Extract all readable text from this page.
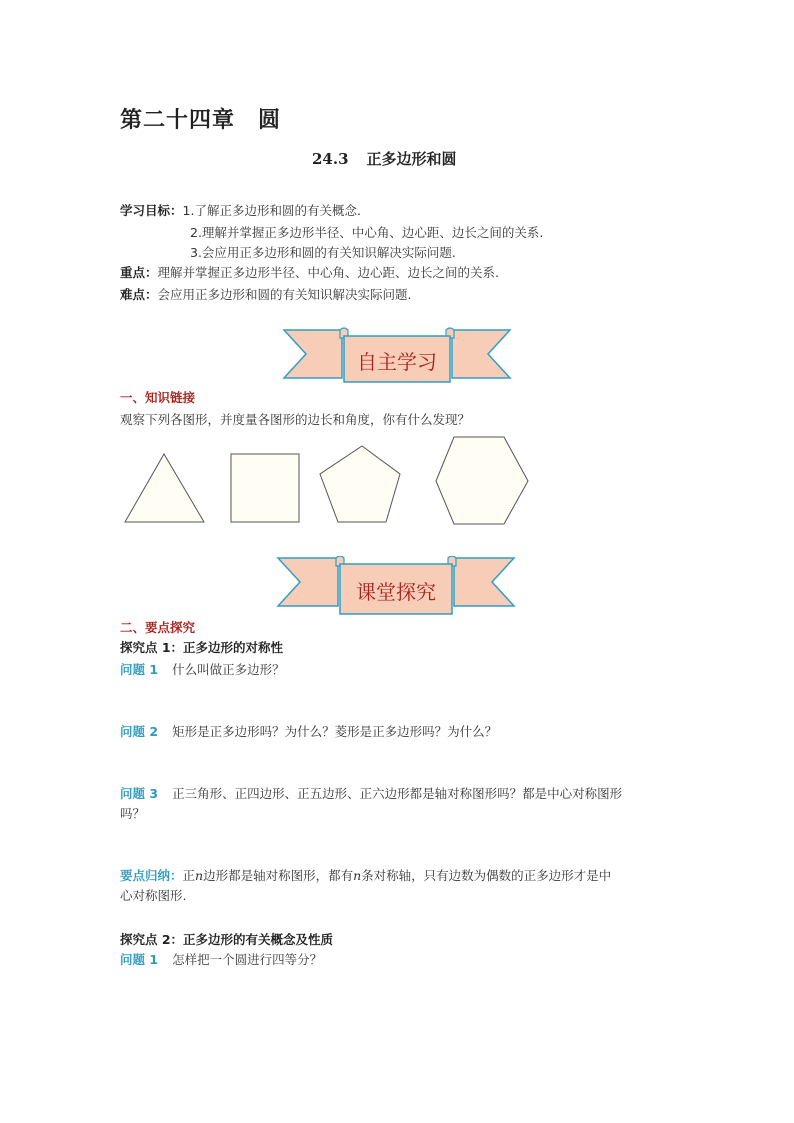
第二十四章　圆
24.3 正多边形和圆
学习目标：1.了解正多边形和圆的有关概念.
2.理解并掌握正多边形半径、中心角、边心距、边长之间的关系.
3.会应用正多边形和圆的有关知识解决实际问题.
重点：理解并掌握正多边形半径、中心角、边心距、边长之间的关系.
难点：会应用正多边形和圆的有关知识解决实际问题.
自主学习
一、知识链接
观察下列各图形，并度量各图形的边长和角度，你有什么发现？
课堂探究
二、要点探究
探究点 1：正多边形的对称性
问题 1 什么叫做正多边形？
问题 2 矩形是正多边形吗？为什么？菱形是正多边形吗？为什么？
问题 3 正三角形、正四边形、正五边形、正六边形都是轴对称图形吗？都是中心对称图形
吗？
要点归纳：正n边形都是轴对称图形，都有n条对称轴，只有边数为偶数的正多边形才是中
心对称图形.
探究点 2：正多边形的有关概念及性质
问题 1 怎样把一个圆进行四等分？
